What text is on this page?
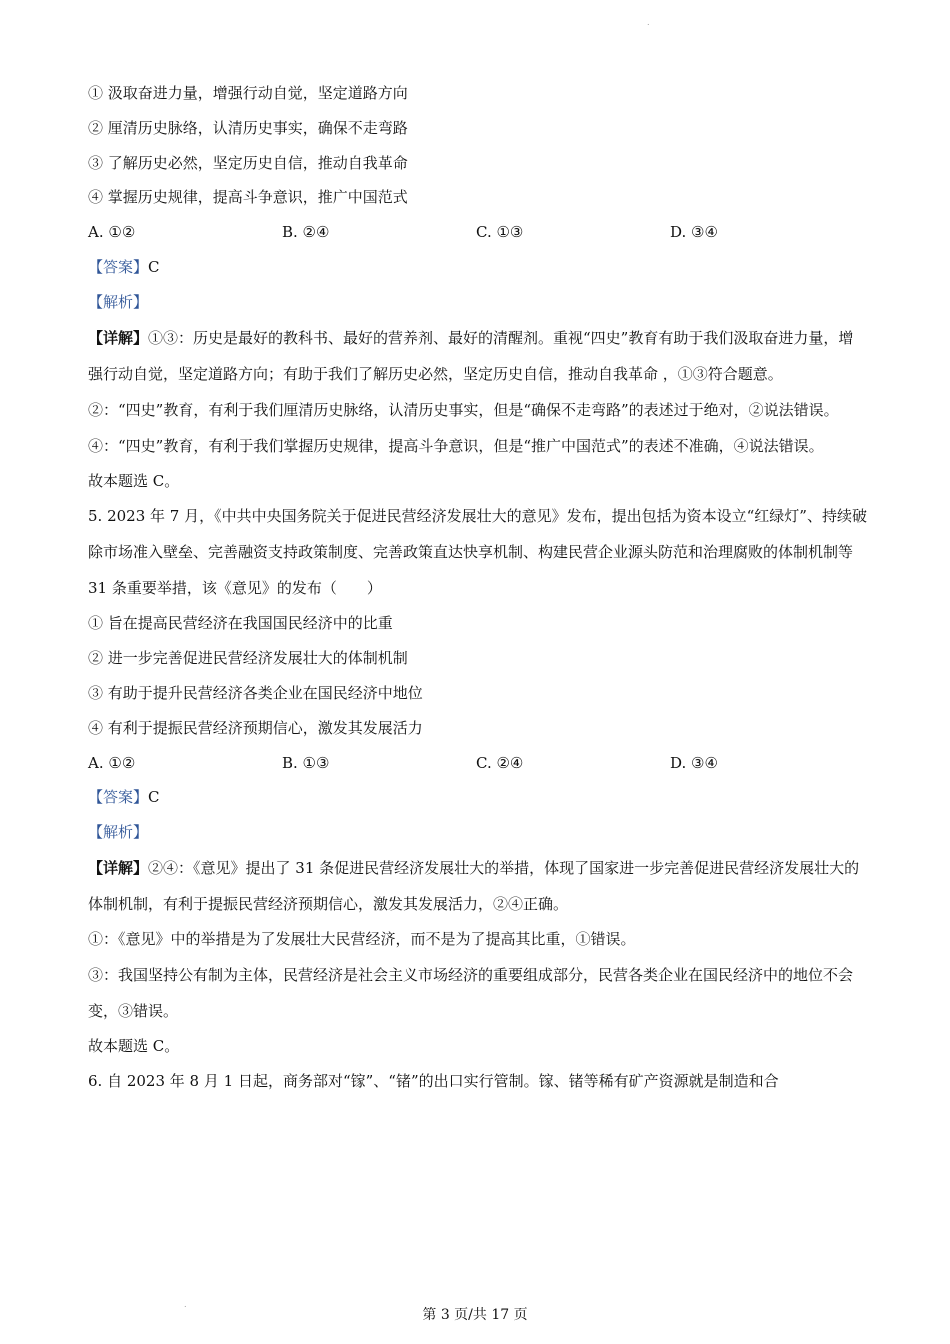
.
① 汲取奋进力量，增强行动自觉，坚定道路方向
② 厘清历史脉络，认清历史事实，确保不走弯路
③ 了解历史必然，坚定历史自信，推动自我革命
④ 掌握历史规律，提高斗争意识，推广中国范式
A. ①②	B. ②④	C. ①③	D. ③④
【答案】C
【解析】
【详解】①③：历史是最好的教科书、最好的营养剂、最好的清醒剂。重视“四史”教育有助于我们汲取奋进力量，增强行动自觉，坚定道路方向；有助于我们了解历史必然，坚定历史自信，推动自我革命 ，①③符合题意。
②：“四史”教育，有利于我们厘清历史脉络，认清历史事实，但是“确保不走弯路”的表述过于绝对，②说法错误。
④：“四史”教育，有利于我们掌握历史规律，提高斗争意识，但是“推广中国范式”的表述不准确，④说法错误。
故本题选 C。
5. 2023 年 7 月，《中共中央国务院关于促进民营经济发展壮大的意见》发布，提出包括为资本设立“红绿灯”、持续破除市场准入壁垒、完善融资支持政策制度、完善政策直达快享机制、构建民营企业源头防范和治理腐败的体制机制等 31 条重要举措，该《意见》的发布（　　）
① 旨在提高民营经济在我国国民经济中的比重
② 进一步完善促进民营经济发展壮大的体制机制
③ 有助于提升民营经济各类企业在国民经济中地位
④ 有利于提振民营经济预期信心，激发其发展活力
A. ①②	B. ①③	C. ②④	D. ③④
【答案】C
【解析】
【详解】②④：《意见》提出了 31 条促进民营经济发展壮大的举措，体现了国家进一步完善促进民营经济发展壮大的体制机制，有利于提振民营经济预期信心，激发其发展活力，②④正确。
①：《意见》中的举措是为了发展壮大民营经济，而不是为了提高其比重，①错误。
③：我国坚持公有制为主体，民营经济是社会主义市场经济的重要组成部分，民营各类企业在国民经济中的地位不会变，③错误。
故本题选 C。
6. 自 2023 年 8 月 1 日起，商务部对“镓”、“锗”的出口实行管制。镓、锗等稀有矿产资源就是制造和合
.
第 3 页/共 17 页
